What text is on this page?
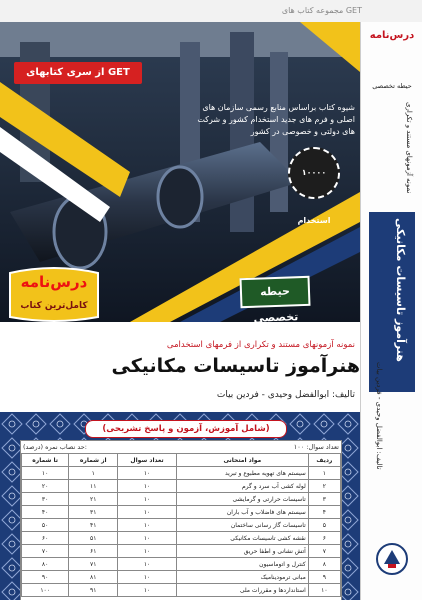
مجموعه کتاب های GET
از سری کتابهای GET
شیوه کتاب براساس منابع رسمی سازمان های اصلی و فرم های جدید استخدام کشور و شرکت های دولتی و خصوصی در کشور
۱۰۰۰۰ استخدام
حیطه تخصصی
درس‌نامه
کامل‌ترین کتاب
نمونه آزمونهای مستند و تکراری از فرمهای استخدامی
هنرآموز تاسیسات مکانیکی
تالیف: ابوالفضل وحیدی - فردین بیات
(شامل آموزش، آزمون و پاسخ تشریحی)
حد نصاب نمره (درصد):	تعداد سوال: ۱۰۰
تا شماره	از شماره	تعداد سوال	مواد امتحانی	ردیف
۱۰	۱	۱۰	سیستم های تهویه مطبوع و تبرید	۱
۲۰	۱۱	۱۰	لوله کشی آب سرد و گرم	۲
۳۰	۲۱	۱۰	تاسیسات حرارتی و گرمایشی	۳
۴۰	۳۱	۱۰	سیستم های فاضلاب و آب باران	۴
۵۰	۴۱	۱۰	تاسیسات گاز رسانی ساختمان	۵
۶۰	۵۱	۱۰	نقشه کشی تاسیسات مکانیکی	۶
۷۰	۶۱	۱۰	آتش نشانی و اطفا حریق	۷
۸۰	۷۱	۱۰	کنترل و اتوماسیون	۸
۹۰	۸۱	۱۰	مبانی ترمودینامیک	۹
۱۰۰	۹۱	۱۰	استانداردها و مقررات ملی	۱۰
درس‌نامه
حیطه تخصصی
نمونه آزمونهای مستند و تکراری
هنرآموز تاسیسات مکانیکی
تالیف: ابوالفضل وحیدی - فردین بیات
